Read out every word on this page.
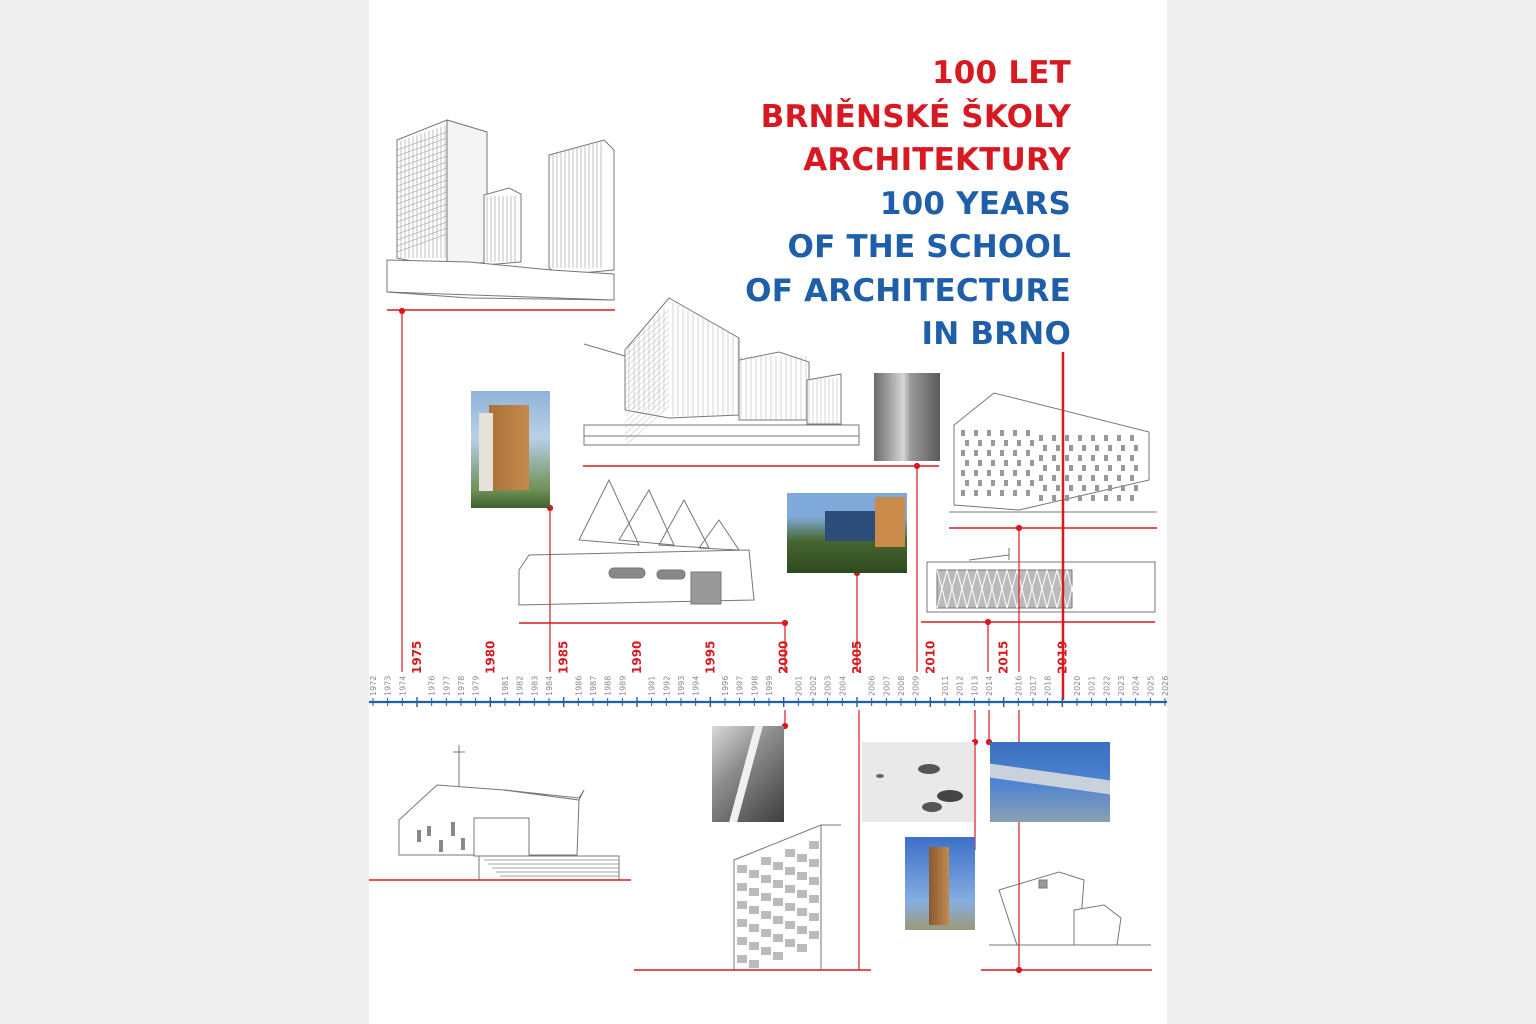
1972 1973 1974	1976 1977 1978 1979	1981 1982 1983 1984	1986 1987 1988 1989	1991 1992 1993 1994	1996 1997 1998 1999	2001 2002 2003 2004	2006 2007 2008 2009	2011 2012 1013 2014	2016 2017 2018	2020 2021 2022 2023 2024 2025 2026
1975	1980	1985	1990	1995	2000	2005	2010	2015	2019
100 LET
BRNĚNSKÉ ŠKOLY
ARCHITEKTURY
100 YEARS
OF THE SCHOOL
OF ARCHITECTURE
IN BRNO
